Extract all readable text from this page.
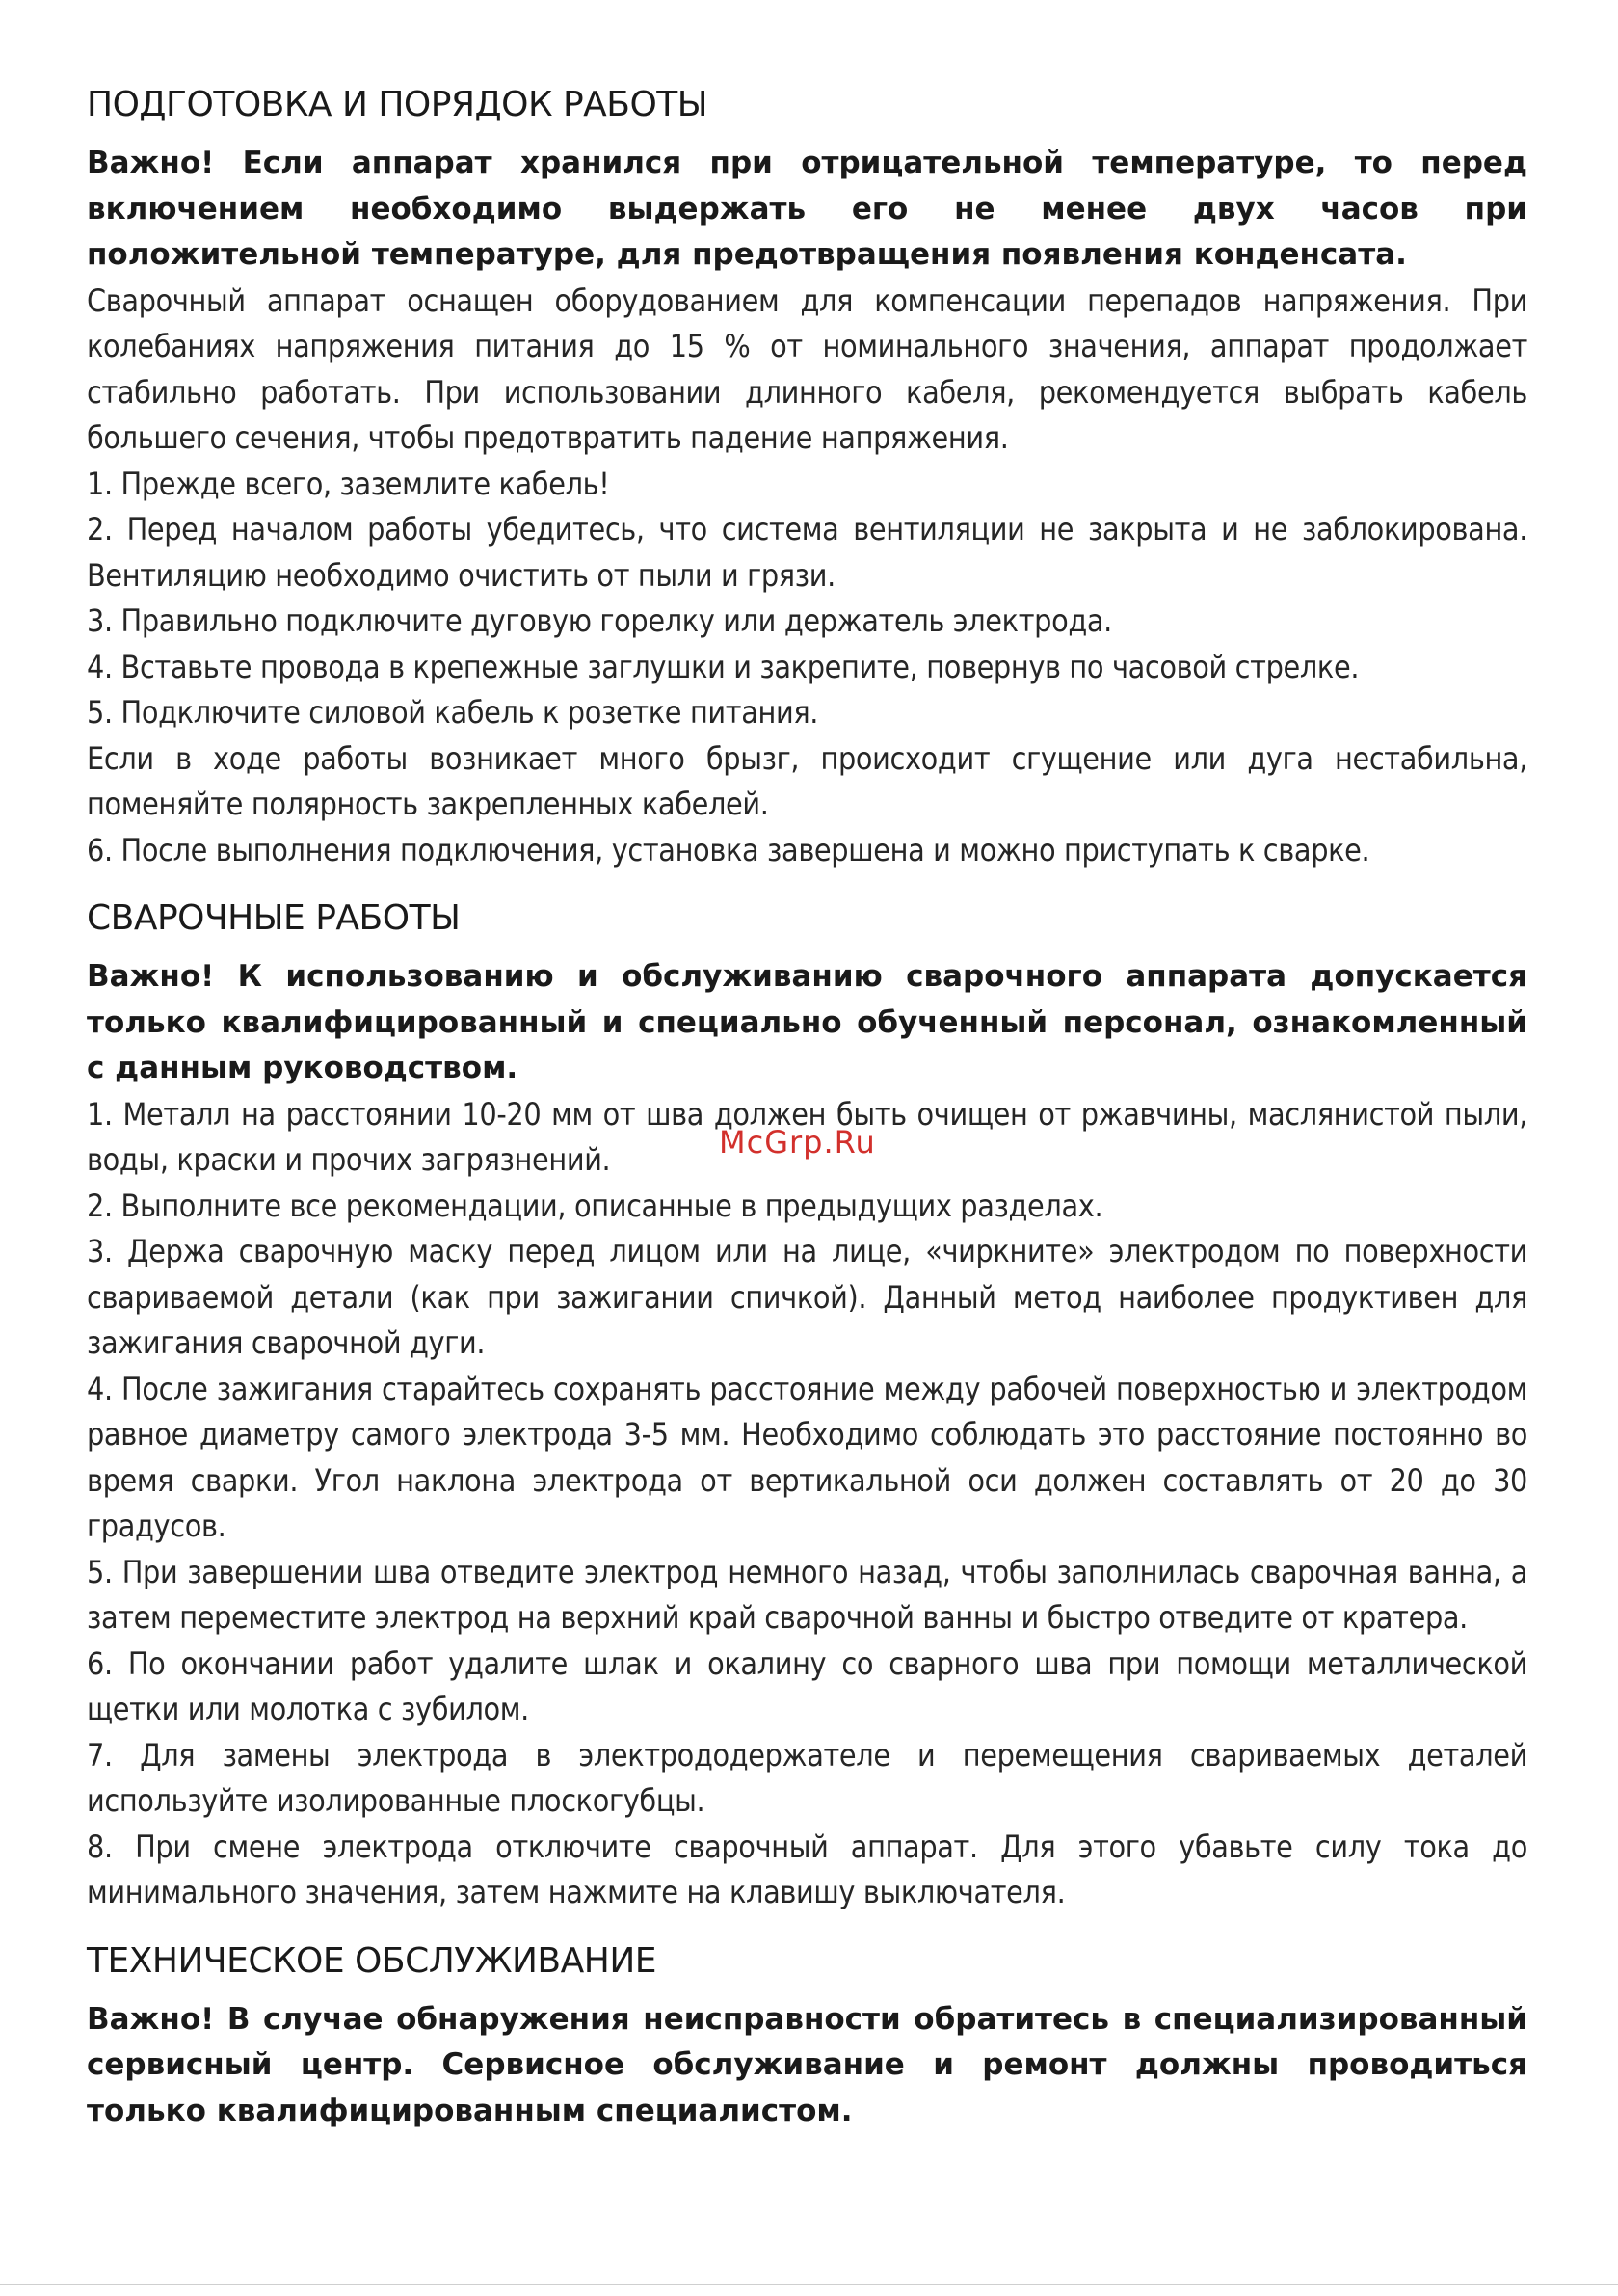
ПОДГОТОВКА И ПОРЯДОК РАБОТЫ

Важно! Если аппарат хранился при отрицательной температуре, то перед включением необходимо выдержать его не менее двух часов при положительной температуре, для предотвращения появления конденсата.

Сварочный аппарат оснащен оборудованием для компенсации перепадов напряжения. При колебаниях напряжения питания до 15 % от номинального значения, аппарат продолжает стабильно работать. При использовании длинного кабеля, рекомендуется выбрать кабель большего сечения, чтобы предотвратить падение напряжения.

1. Прежде всего, заземлите кабель!

2. Перед началом работы убедитесь, что система вентиляции не закрыта и не заблокирована. Вентиляцию необходимо очистить от пыли и грязи.

3. Правильно подключите дуговую горелку или держатель электрода.

4. Вставьте провода в крепежные заглушки и закрепите, повернув по часовой стрелке.

5. Подключите силовой кабель к розетке питания.

Если в ходе работы возникает много брызг, происходит сгущение или дуга нестабильна, поменяйте полярность закрепленных кабелей.

6. После выполнения подключения, установка завершена и можно приступать к сварке.

СВАРОЧНЫЕ РАБОТЫ

Важно! К использованию и обслуживанию сварочного аппарата допускается только квалифицированный и специально обученный персонал, ознакомленный с данным руководством.

1. Металл на расстоянии 10-20 мм от шва должен быть очищен от ржавчины, маслянистой пыли, воды, краски и прочих загрязнений.

2. Выполните все рекомендации, описанные в предыдущих разделах.

3. Держа сварочную маску перед лицом или на лице, «чиркните» электродом по поверхности свариваемой детали (как при зажигании спичкой). Данный метод наиболее продуктивен для зажигания сварочной дуги.

4. После зажигания старайтесь сохранять расстояние между рабочей поверхностью и электродом равное диаметру самого электрода 3-5 мм. Необходимо соблюдать это расстояние постоянно во время сварки. Угол наклона электрода от вертикальной оси должен составлять от 20 до 30 градусов.

5. При завершении шва отведите электрод немного назад, чтобы заполнилась сварочная ванна, а затем переместите электрод на верхний край сварочной ванны и быстро отведите от кратера.

6. По окончании работ удалите шлак и окалину со сварного шва при помощи металлической щетки или молотка с зубилом.

7. Для замены электрода в электрододержателе и перемещения свариваемых деталей используйте изолированные плоскогубцы.

8. При смене электрода отключите сварочный аппарат. Для этого убавьте силу тока до минимального значения, затем нажмите на клавишу выключателя.

ТЕХНИЧЕСКОЕ ОБСЛУЖИВАНИЕ

Важно! В случае обнаружения неисправности обратитесь в специализированный сервисный центр. Сервисное обслуживание и ремонт должны проводиться только квалифицированным специалистом.

McGrp.Ru
